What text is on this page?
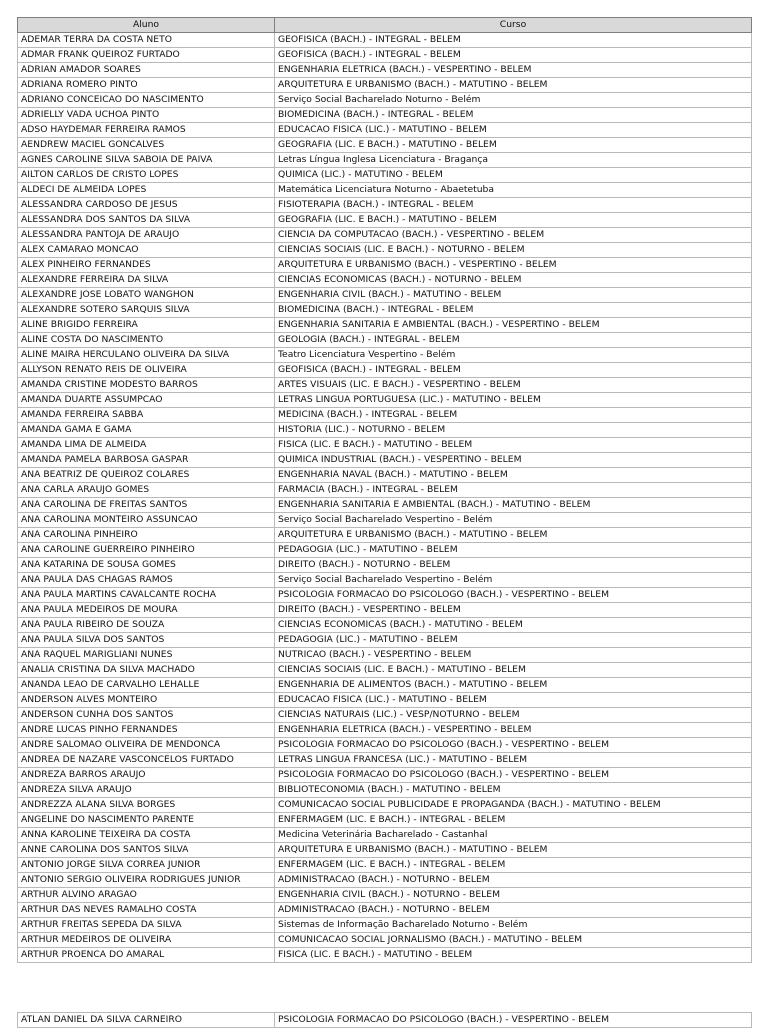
Aluno	Curso
ADEMAR TERRA DA COSTA NETO	GEOFISICA (BACH.) - INTEGRAL - BELEM
ADMAR FRANK QUEIROZ FURTADO	GEOFISICA (BACH.) - INTEGRAL - BELEM
ADRIAN AMADOR SOARES	ENGENHARIA ELETRICA (BACH.) - VESPERTINO - BELEM
ADRIANA ROMERO PINTO	ARQUITETURA E URBANISMO (BACH.) - MATUTINO - BELEM
ADRIANO CONCEICAO DO NASCIMENTO	Serviço Social Bacharelado Noturno - Belém
ADRIELLY VADA UCHOA PINTO	BIOMEDICINA (BACH.) - INTEGRAL - BELEM
ADSO HAYDEMAR FERREIRA RAMOS	EDUCACAO FISICA (LIC.) - MATUTINO - BELEM
AENDREW MACIEL GONCALVES	GEOGRAFIA (LIC. E BACH.) - MATUTINO - BELEM
AGNES CAROLINE SILVA SABOIA DE PAIVA	Letras Língua Inglesa Licenciatura - Bragança
AILTON CARLOS DE CRISTO LOPES	QUIMICA (LIC.) - MATUTINO - BELEM
ALDECI DE ALMEIDA LOPES	Matemática Licenciatura Noturno - Abaetetuba
ALESSANDRA CARDOSO DE JESUS	FISIOTERAPIA (BACH.) - INTEGRAL - BELEM
ALESSANDRA DOS SANTOS DA SILVA	GEOGRAFIA (LIC. E BACH.) - MATUTINO - BELEM
ALESSANDRA PANTOJA DE ARAUJO	CIENCIA DA COMPUTACAO (BACH.) - VESPERTINO - BELEM
ALEX CAMARAO MONCAO	CIENCIAS SOCIAIS (LIC. E BACH.) - NOTURNO - BELEM
ALEX PINHEIRO FERNANDES	ARQUITETURA E URBANISMO (BACH.) - VESPERTINO - BELEM
ALEXANDRE FERREIRA DA SILVA	CIENCIAS ECONOMICAS (BACH.) - NOTURNO - BELEM
ALEXANDRE JOSE LOBATO WANGHON	ENGENHARIA CIVIL (BACH.) - MATUTINO - BELEM
ALEXANDRE SOTERO SARQUIS SILVA	BIOMEDICINA (BACH.) - INTEGRAL - BELEM
ALINE BRIGIDO FERREIRA	ENGENHARIA SANITARIA E AMBIENTAL (BACH.) - VESPERTINO - BELEM
ALINE COSTA DO NASCIMENTO	GEOLOGIA (BACH.) - INTEGRAL - BELEM
ALINE MAIRA HERCULANO OLIVEIRA DA SILVA	Teatro Licenciatura Vespertino - Belém
ALLYSON RENATO REIS DE OLIVEIRA	GEOFISICA (BACH.) - INTEGRAL - BELEM
AMANDA CRISTINE MODESTO BARROS	ARTES VISUAIS (LIC. E BACH.) - VESPERTINO - BELEM
AMANDA DUARTE ASSUMPCAO	LETRAS LINGUA PORTUGUESA (LIC.) - MATUTINO - BELEM
AMANDA FERREIRA SABBA	MEDICINA (BACH.) - INTEGRAL - BELEM
AMANDA GAMA E GAMA	HISTORIA (LIC.) - NOTURNO - BELEM
AMANDA LIMA DE ALMEIDA	FISICA (LIC. E BACH.) - MATUTINO - BELEM
AMANDA PAMELA BARBOSA GASPAR	QUIMICA INDUSTRIAL (BACH.) - VESPERTINO - BELEM
ANA BEATRIZ DE QUEIROZ COLARES	ENGENHARIA NAVAL (BACH.) - MATUTINO - BELEM
ANA CARLA ARAUJO GOMES	FARMACIA (BACH.) - INTEGRAL - BELEM
ANA CAROLINA DE FREITAS SANTOS	ENGENHARIA SANITARIA E AMBIENTAL (BACH.) - MATUTINO - BELEM
ANA CAROLINA MONTEIRO ASSUNCAO	Serviço Social Bacharelado Vespertino - Belém
ANA CAROLINA PINHEIRO	ARQUITETURA E URBANISMO (BACH.) - MATUTINO - BELEM
ANA CAROLINE GUERREIRO PINHEIRO	PEDAGOGIA (LIC.) - MATUTINO - BELEM
ANA KATARINA DE SOUSA GOMES	DIREITO (BACH.) - NOTURNO - BELEM
ANA PAULA DAS CHAGAS RAMOS	Serviço Social Bacharelado Vespertino - Belém
ANA PAULA MARTINS CAVALCANTE ROCHA	PSICOLOGIA FORMACAO DO PSICOLOGO (BACH.) - VESPERTINO - BELEM
ANA PAULA MEDEIROS DE MOURA	DIREITO (BACH.) - VESPERTINO - BELEM
ANA PAULA RIBEIRO DE SOUZA	CIENCIAS ECONOMICAS (BACH.) - MATUTINO - BELEM
ANA PAULA SILVA DOS SANTOS	PEDAGOGIA (LIC.) - MATUTINO - BELEM
ANA RAQUEL MARIGLIANI NUNES	NUTRICAO (BACH.) - VESPERTINO - BELEM
ANALIA CRISTINA DA SILVA MACHADO	CIENCIAS SOCIAIS (LIC. E BACH.) - MATUTINO - BELEM
ANANDA LEAO DE CARVALHO LEHALLE	ENGENHARIA DE ALIMENTOS (BACH.) - MATUTINO - BELEM
ANDERSON ALVES MONTEIRO	EDUCACAO FISICA (LIC.) - MATUTINO - BELEM
ANDERSON CUNHA DOS SANTOS	CIENCIAS NATURAIS (LIC.) - VESP/NOTURNO - BELEM
ANDRE LUCAS PINHO FERNANDES	ENGENHARIA ELETRICA (BACH.) - VESPERTINO - BELEM
ANDRE SALOMAO OLIVEIRA DE MENDONCA	PSICOLOGIA FORMACAO DO PSICOLOGO (BACH.) - VESPERTINO - BELEM
ANDREA DE NAZARE VASCONCELOS FURTADO	LETRAS LINGUA FRANCESA (LIC.) - MATUTINO - BELEM
ANDREZA BARROS ARAUJO	PSICOLOGIA FORMACAO DO PSICOLOGO (BACH.) - VESPERTINO - BELEM
ANDREZA SILVA ARAUJO	BIBLIOTECONOMIA (BACH.) - MATUTINO - BELEM
ANDREZZA ALANA SILVA BORGES	COMUNICACAO SOCIAL PUBLICIDADE E PROPAGANDA (BACH.) - MATUTINO - BELEM
ANGELINE DO NASCIMENTO PARENTE	ENFERMAGEM (LIC. E BACH.) - INTEGRAL - BELEM
ANNA KAROLINE TEIXEIRA DA COSTA	Medicina Veterinária Bacharelado - Castanhal
ANNE CAROLINA DOS SANTOS SILVA	ARQUITETURA E URBANISMO (BACH.) - MATUTINO - BELEM
ANTONIO JORGE SILVA CORREA JUNIOR	ENFERMAGEM (LIC. E BACH.) - INTEGRAL - BELEM
ANTONIO SERGIO OLIVEIRA RODRIGUES JUNIOR	ADMINISTRACAO (BACH.) - NOTURNO - BELEM
ARTHUR ALVINO ARAGAO	ENGENHARIA CIVIL (BACH.) - NOTURNO - BELEM
ARTHUR DAS NEVES RAMALHO COSTA	ADMINISTRACAO (BACH.) - NOTURNO - BELEM
ARTHUR FREITAS SEPEDA DA SILVA	Sistemas de Informação Bacharelado Noturno - Belém
ARTHUR MEDEIROS DE OLIVEIRA	COMUNICACAO SOCIAL JORNALISMO (BACH.) - MATUTINO - BELEM
ARTHUR PROENCA DO AMARAL	FISICA (LIC. E BACH.) - MATUTINO - BELEM
ATLAN DANIEL DA SILVA CARNEIRO	PSICOLOGIA FORMACAO DO PSICOLOGO (BACH.) - VESPERTINO - BELEM
